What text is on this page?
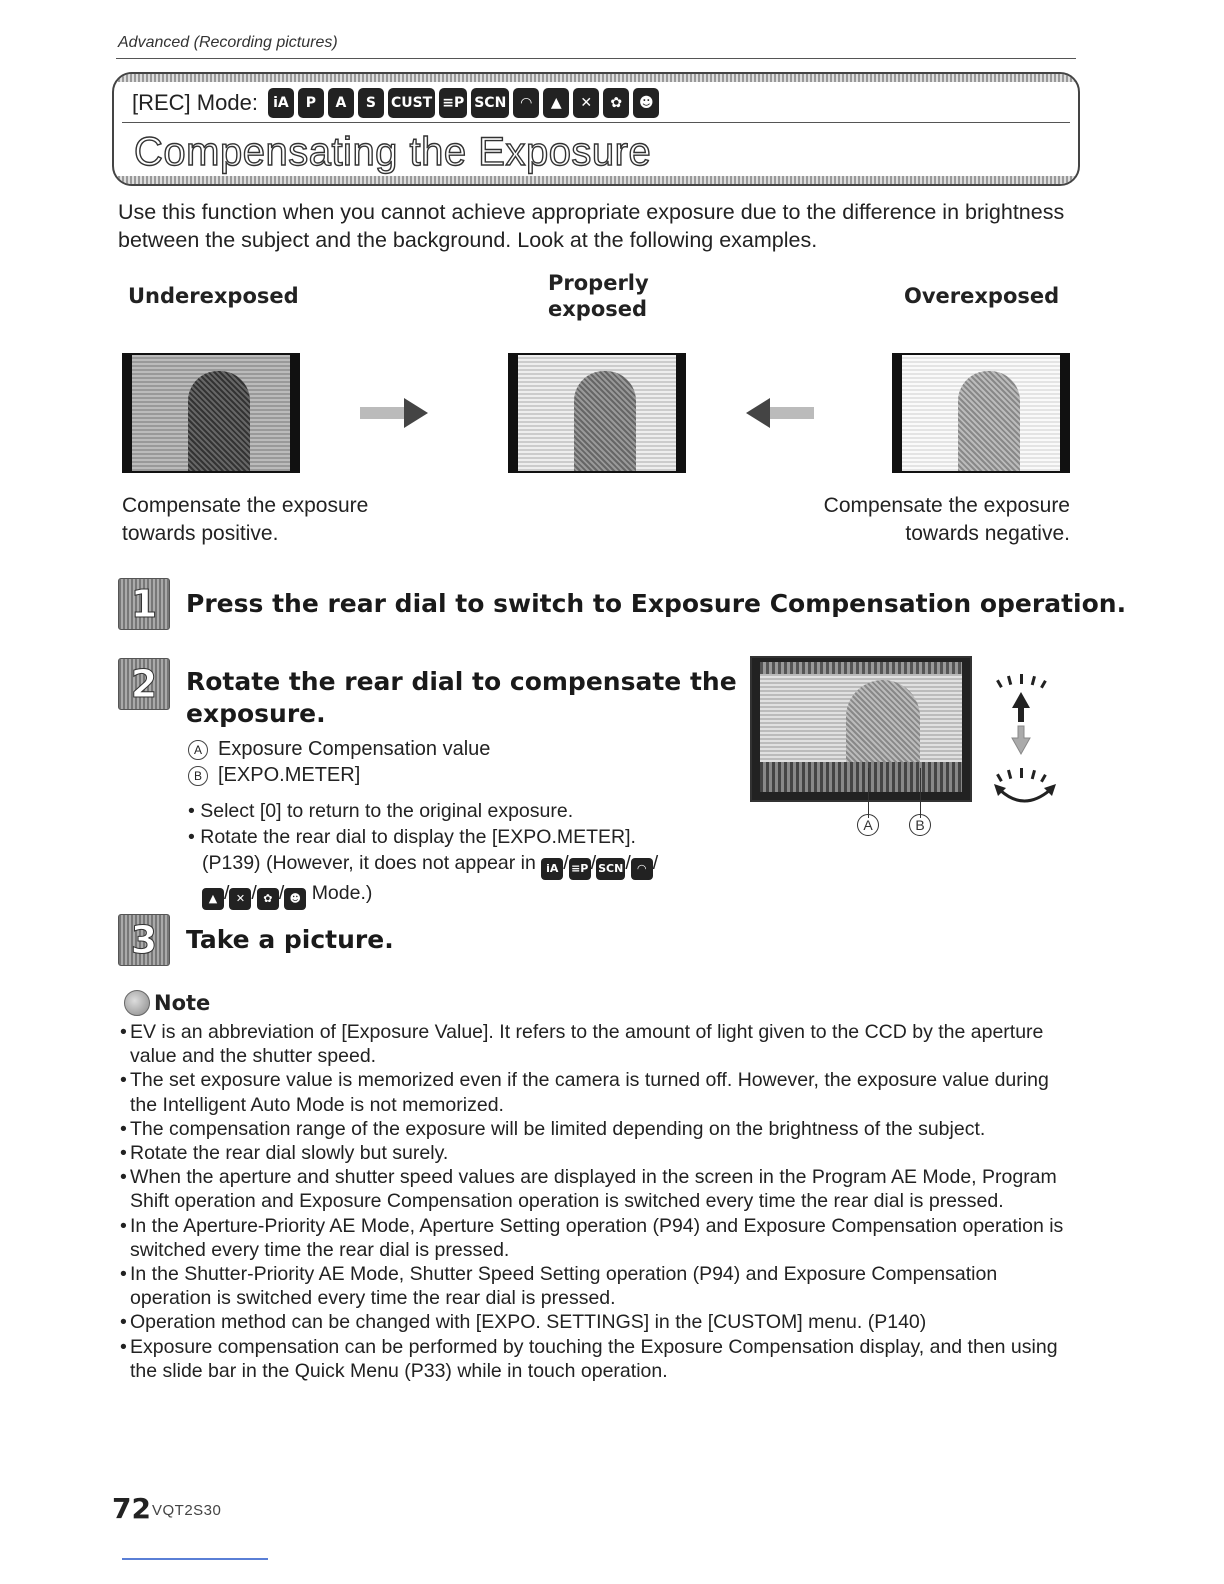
Advanced (Recording pictures)
[REC] Mode:	iA	P	A	S	CUST ≡P SCN	◠	▲	✕	✿	☻
Compensating the Exposure

Use this function when you cannot achieve appropriate exposure due to the difference in brightness between the subject and the background. Look at the following examples.

Underexposed
Properly
exposed
Overexposed
Compensate the exposure
towards positive.
Compensate the exposure
towards negative.
1	Press the rear dial to switch to Exposure Compensation operation.
2	Rotate the rear dial to compensate the
exposure.
A Exposure Compensation value
B [EXPO.METER]
• Select [0] to return to the original exposure.
• Rotate the rear dial to display the [EXPO.METER].
(P139) (However, it does not appear in iA / ≡P / SCN / ◠ /
▲ / ✕ / ✿ / ☻ Mode.)
A	B
3	Take a picture.
Note
• EV is an abbreviation of [Exposure Value]. It refers to the amount of light given to the CCD by the aperture value and the shutter speed.
• The set exposure value is memorized even if the camera is turned off. However, the exposure value during the Intelligent Auto Mode is not memorized.
• The compensation range of the exposure will be limited depending on the brightness of the subject.
• Rotate the rear dial slowly but surely.
• When the aperture and shutter speed values are displayed in the screen in the Program AE Mode, Program Shift operation and Exposure Compensation operation is switched every time the rear dial is pressed.
• In the Aperture-Priority AE Mode, Aperture Setting operation (P94) and Exposure Compensation operation is switched every time the rear dial is pressed.
• In the Shutter-Priority AE Mode, Shutter Speed Setting operation (P94) and Exposure Compensation operation is switched every time the rear dial is pressed.
• Operation method can be changed with [EXPO. SETTINGS] in the [CUSTOM] menu. (P140)
• Exposure compensation can be performed by touching the Exposure Compensation display, and then using the slide bar in the Quick Menu (P33) while in touch operation.
72 VQT2S30
